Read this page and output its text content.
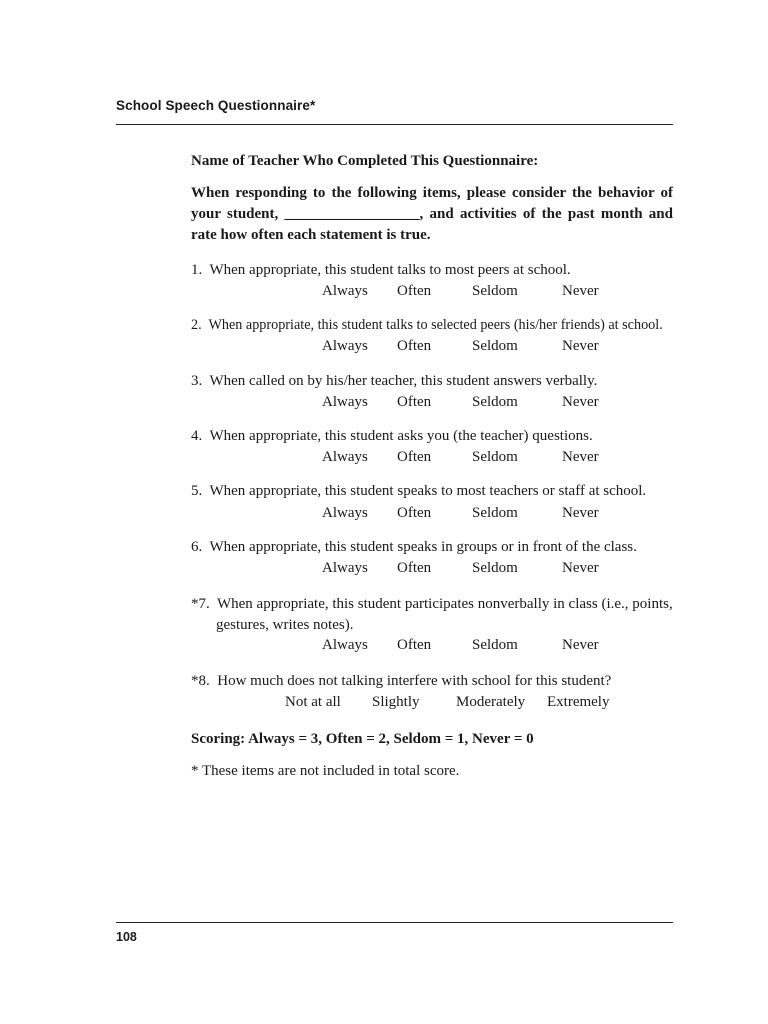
School Speech Questionnaire*
Name of Teacher Who Completed This Questionnaire:
When responding to the following items, please consider the behavior of
your student, __________________, and activities of the past month and
rate how often each statement is true.
1. When appropriate, this student talks to most peers at school.
Always Often	Seldom	Never
2. When appropriate, this student talks to selected peers (his/her friends) at school.
Always Often	Seldom	Never
3. When called on by his/her teacher, this student answers verbally.
Always Often	Seldom	Never
4. When appropriate, this student asks you (the teacher) questions.
Always Often	Seldom	Never
5. When appropriate, this student speaks to most teachers or staff at school.
Always Often	Seldom	Never
6. When appropriate, this student speaks in groups or in front of the class.
Always Often	Seldom	Never
*7. When appropriate, this student participates nonverbally in class (i.e., points,
gestures, writes notes).
Always Often	Seldom	Never
*8. How much does not talking interfere with school for this student?
Not at all Slightly Moderately Extremely
Scoring: Always = 3, Often = 2, Seldom = 1, Never = 0
* These items are not included in total score.
108
